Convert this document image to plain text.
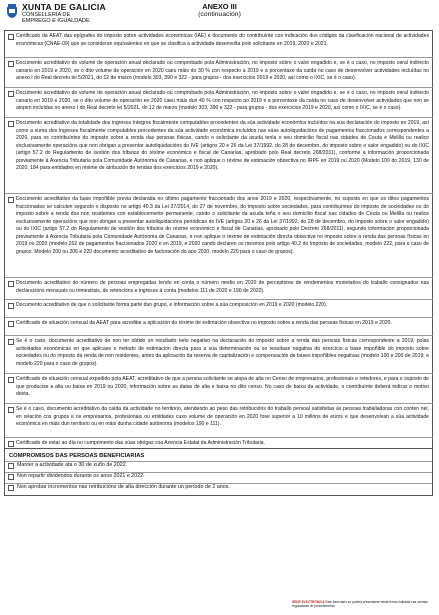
XUNTA DE GALICIA
CONSELLERÍA DE
EMPREGO E IGUALDADE
ANEXO III
(continuación)
Certificado da AEAT das epígrafes do imposto sobre actividades económicas (IAE) e documento do contribuínte con indicación dos códigos da clasificación nacional de actividades económicas (CNAE-09) que se consideran equivalentes en que se clasifica a actividade desenvolta polo solicitante en 2019, 2020 e 2021.
Documento acreditativo do volume de operación anual declarado ou comprobado pola Administración, no imposto sobre o valor engadido e, se é o caso, no imposto xeral indirecto canario en 2019 e 2020, se o dito volume de operación en 2020 caeu máis do 30 % con respecto a 2019 e a porcentaxe da caída no caso de desenvolver actividades incluídas no anexo I do Real decreto lei 5/2021, do 12 de marzo (modelo 303, 390 e 322 - para grupos - dos exercicios 2019 e 2020, así como o IXIC, se é o caso).
Documento acreditativo do volume de operación anual declarado ou comprobado pola Administración, no imposto sobre o valor engadido e, se é o caso, no imposto xeral indirecto canario en 2019 e 2020, se o dito volume de operación en 2020 caeu máis dun 40 % con respecto ao 2019 e a porcentaxe da caída no caso de desenvolver actividades que non se atopen incluídas no anexo I do Real decreto lei 5/2021, do 12 de marzo (modelo 303, 390 e 322 - para grupos - dos exercicios 2019 e 2020, así como o IXIC, se é o caso).
Documento acreditativo da totalidade dos ingresos íntegros fiscalmente computables procedentes da súa actividade económica incluídos na súa declaración do imposto en 2019, así como a suma dos ingresos fiscalmente computables procedentes da súa actividade económica incluídos nas súas autoliquidacións de pagamentos fraccionados correspondentes a 2020, para os contribuíntes do imposto sobre a renda das persoas físicas, cando o solicitante da axuda tenla o seu domicilio fiscal nas cidades de Ceuta e Melilla ou realice exclusivamente operacións que non obrigan a presentar autoliquidacións do IVE (artigos 20 e 26 da Lei 37/1992, do 28 de decembro, do imposto sobre o valor engadido) ou do IXIC (artigo 57.2 do Regulamento de xestión dos tributos do réxime económico e fiscal de Canarias, aprobado polo Real decreto 268/2011), conforme a información proporcionada previamente á Axencia Tributaria pola Comunidade Autónoma de Canarias, e non aplique o réxime de estimación obxectiva no IRPF en 2019 ou 2020 (Modelo 100 do 2019, 130 de 2020, 184 para entidades en réxime de atribución de rendas dos exercicios 2019 e 2020).
Documento acreditativo da base impoñible previa declarada no último pagamento fraccionado dos anos 2019 e 2020, respectivamente, no suposto en que os ditos pagamentos fraccionados se calculen segundo o disposto no artigo 40.3 da Lei 27/2014, do 27 de novembro, do imposto sobre sociedades, para contribuíntes do imposto de sociedades ou do imposto sobre a renda dos non residentes con establecemento permanente, cando o solicitante da axuda teña o seu domicilio fiscal nas cidades de Ceuta ou Melilla ou realice exclusivamente operacións que non obrigan a presentar autoliquidacións periódicas do IVE (artigos 20 e 26 da Lei 37/1992, do 28 de decembro, do imposto sobre o valor engadido) ou do IXIC (artigo 57.2 do Regulamento de xestión dos tributos do réxime económico e fiscal de Canarias, aprobado polo Decreto 268/2011), segundo información proporcionada previamente á Axencia Tributaria pola Comunidade Autónoma de Canarias, e non aplique o réxime de estimación directa obxectiva no imposto sobre a renda das persoas físicas en 2019 ou 2020 (modelo 202 de pagamentos fraccionados 2020 e en 2019, e 2020 cando declaren os mesmos polo artigo 40.2 do Imposto de sociedades, modelo 222, para o caso de grupos. Modelo 200 ou 206 e 220 documento acreditativo de facturación do ano 2020, modelo 220 para o caso de grupos).
Documento acreditativo do número de persoas empregadas tendo en conta o número medio en 2020 de perceptores de rendementos monetarios do traballo consignados nas declaracións mensuais ou trimestrais, de retencións e ingresos á conta (modelos 111 de 2020 e 190 de 2020).
Documento acreditativo de que o solicitante forma parte dun grupo, e información sobre a súa composición en 2019 e 2020 (modelo 220).
Certificado de situación censual da AEAT para acreditar a aplicación do réxime de estimación obxectiva no imposto sobre a renda das persoas físicas en 2019 e 2020.
Se é o caso, documento acreditativo de non ter obtido un resultado neto negativo na declaración do imposto sobre a renda das persoas físicas correspondente a 2019, polas actividades económicas en que aplicase o método de estimación directa para a súa determinación ou se resultase negativa do exercicio a base impoñible do imposto sobre sociedades ou do imposto da renda de non residentes, antes da aplicación da reserva de capitalización e compensación de bases impoñibles negativas (modelo 100 e 200 de 2019; e modelo 220 para o caso de grupos).
Certificado de situación censual expedido pola AEAT, acreditativo de que a persoa solicitante se atopa de alta no Censo de empresarios, profesionais e retedores, e para o suposto de que producise a alta ou baixa en 2019 ou 2020, información sobre as datas de alta e baixa no dito censo. No caso de baixa da actividade, o contribuínte deberá indicar o motivo desta.
Se é o caso, documento acreditativo da caída da actividade no territorio, atendendo ao peso das retribucións do traballo persoal satisfeitas ás persoas traballadoras con conten nel, en relación cos grupos e os empresarios, profesionais ou entidades cuxo volume de operación en 2020 fose superior a 10 millóns de euros e que desenvolvan a súa actividade económica en máis dun territorio ou en máis dunha cidade autónoma (modelos 190 e 111).
Certificado de estar ao día no cumprimento das súas obrigas coa Axencia Estatal da Administración Tributaria.
COMPROMISOS DAS PERSOAS BENEFICIARIAS
Manter a actividade ata o 30 de xuño de 2022.
Non repartir dividendos durante os anos 2021 e 2022.
Non aprobar incrementos nas retribucións de alta dirección durante un período de 2 anos.
SEDE ELECTRÓNICA Este formulario só poderá presentarse nesta forma indicada nas normas reguladoras do procedemento.
